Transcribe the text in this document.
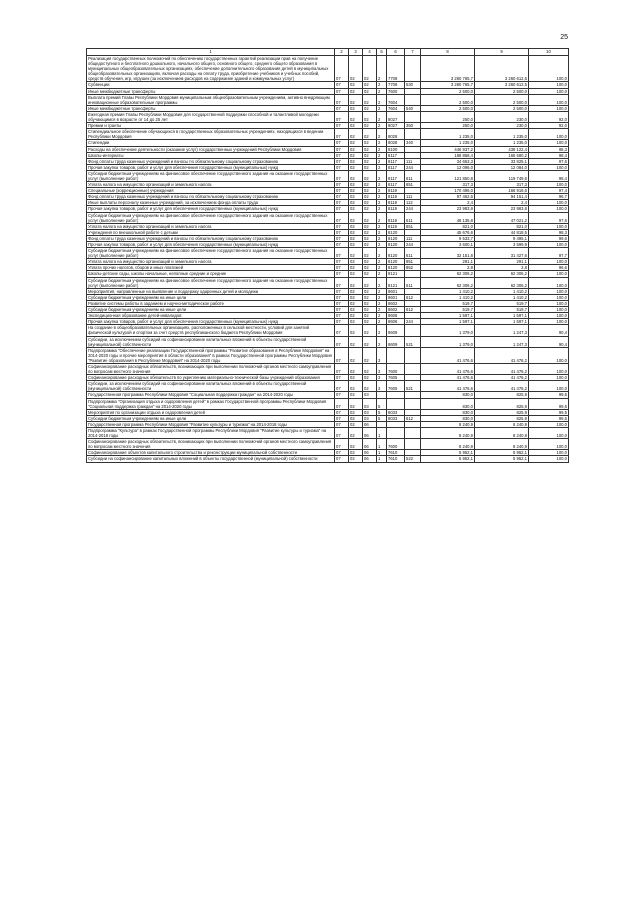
25
1	2	3	4	5	6	7	8	9	10
Реализация государственных полномочий по обеспечению государственных гарантий реализации прав на получение общедоступного и бесплатного дошкольного, начального общего, основного общего, среднего общего образования в муниципальных общеобразовательных организациях, обеспечение дополнительного образования детей в муниципальных общеобразовательных организациях, включая расходы на оплату труда, приобретение учебников и учебных пособий, средств обучения, игр, игрушек (за исключением расходов на содержание зданий и коммунальных услуг)	07	02	02	2	7708		3 260 765,7	3 260 612,5	100,0
Субвенции	07	02	02	2	7708	530	3 260 765,7	3 260 612,5	100,0
Иные межбюджетные трансферты	07	02	02	2	7600		2 500,0	2 500,0	100,0
Выплата премий Главы Республики Мордовия муниципальным общеобразовательным учреждениям, активно внедряющим инновационные образовательные программы	07	02	02	2	7604		2 500,0	2 500,0	100,0
Иные межбюджетные трансферты	07	02	02	2	7604	540	2 500,0	2 500,0	100,0
Ежегодная премия Главы Республики Мордовия для государственной поддержки способной и талантливой молодежи обучающимся в возрасте от 14 до 25 лет	07	02	02	2	8027		250,0	230,0	92,0
Премии и гранты	07	02	02	2	8027	350	250,0	230,0	92,0
Стипендиальное обеспечение обучающихся в государственных образовательных учреждениях, находящихся в ведении Республики Мордовия	07	02	02	2	8028		1 235,0	1 235,0	100,0
Стипендии	07	02	02	2	8028	340	1 235,0	1 235,0	100,0
Расходы на обеспечение деятельности (оказание услуг) государственных учреждений Республики Мордовия	07	02	02	2	8100		446 937,2	439 122,4	98,3
Школы-интернаты	07	02	02	2	8117		168 858,4	165 580,2	98,4
Фонд оплаты труда казенных учреждений и взносы по обязательному социальному страхованию	07	02	02	2	8117	111	34 653,3	33 825,1	97,6
Прочая закупка товаров, работ и услуг для обеспечения государственных (муниципальных) нужд	07	02	02	2	8117	244	12 096,0	12 084,0	100,0
Субсидии бюджетным учреждениям на финансовое обеспечение государственного задания на оказание государственных услуг (выполнение работ)	07	02	02	2	8117	611	121 850,8	119 749,6	98,4
Уплата налога на имущество организаций и земельного налога	07	02	02	2	8117	851	317,3	317,3	100,0
Специальные (коррекционные) учреждения	07	02	02	2	8119		170 496,0	166 916,6	97,4
Фонд оплаты труда казенных учреждений и взносы по обязательному социальному страхованию	07	02	02	2	8119	111	97 462,6	94 151,4	96,7
Иные выплаты персоналу казенных учреждений, за исключением фонда оплаты труда	07	02	02	2	8119	112	2,4	2,4	100,0
Прочая закупка товаров, работ и услуг для обеспечения государственных (муниципальных) нужд	07	02	02	2	8119	244	23 983,9	23 983,8	100,0
Субсидии бюджетным учреждениям на финансовое обеспечение государственного задания на оказание государственных услуг (выполнение работ)	07	02	02	2	8119	611	48 135,8	47 021,2	97,6
Уплата налога на имущество организаций и земельного налога	07	02	02	2	8119	851	821,0	821,0	100,0
Учреждения по внешкольной работе с детьми	07	02	02	2	8120		45 676,6	44 818,5	98,3
Фонд оплаты труда казенных учреждений и взносы по обязательному социальному страхованию	07	02	02	2	8120	111	9 533,7	9 495,1	99,6
Прочая закупка товаров, работ и услуг для обеспечения государственных (муниципальных) нужд	07	02	02	2	8120	244	3 600,1	3 599,9	100,0
Субсидии бюджетным учреждениям на финансовое обеспечение государственного задания на оказание государственных услуг (выполнение работ)	07	02	02	2	8120	611	32 151,8	31 427,6	97,7
Уплата налога на имущество организаций и земельного налога	07	02	02	2	8120	851	291,1	291,1	100,0
Уплата прочих налогов, сборов и иных платежей	07	02	02	2	8120	852	2,9	2,8	96,6
Школы-детские сады, школы начальные, неполные средние и средние	07	02	02	2	8121		62 306,2	62 306,2	100,0
Субсидии бюджетным учреждениям на финансовое обеспечение государственного задания на оказание государственных услуг (выполнение работ)	07	02	02	2	8121	611	62 306,2	62 306,2	100,0
Мероприятия, направленные на выявление и поддержку одаренных детей и молодежи	07	02	02	2	8601		1 410,2	1 410,2	100,0
Субсидии бюджетным учреждениям на иные цели	07	02	02	2	8601	612	1 410,2	1 410,2	100,0
Развитие системы работы в заданием и научно-методическое работе	07	02	02	2	8602		519,7	519,7	100,0
Субсидии бюджетным учреждениям на иные цели	07	02	02	2	8602	612	519,7	519,7	100,0
Экспедиционная образование детей-инвалидов	07	02	02	2	8606		1 597,1	1 597,1	100,0
Прочая закупка товаров, работ и услуг для обеспечения государственных (муниципальных) нужд	07	02	02	2	8606	244	1 597,1	1 597,1	100,0
На создание в общеобразовательных организациях, расположенных в сельской местности, условий для занятий физической культурой и спортом за счет средств республиканского бюджета Республики Мордовия	07	02	02	2	8609		1 379,0	1 247,3	90,4
Субсидии, за исключением субсидий на софинансирование капитальных вложений в объекты государственной (муниципальной) собственности	07	02	02	2	8609	521	1 379,0	1 247,3	90,4
Подпрограмма "Обеспечение реализации Государственной программы "Развитие образования в Республике Мордовия" на 2014-2020 годы и прочие мероприятия в области образования" в рамках Государственной программы Республики Мордовия "Развитие образования в Республике Мордовия" на 2014-2020 годы	07	02	02	3			41 476,6	41 476,2	100,0
Софинансирование расходных обязательств, возникающих при выполнении полномочий органов местного самоуправления по вопросам местного значения	07	02	02	3	7600		41 476,6	41 476,2	100,0
Софинансирование расходных обязательств по укреплению материально-технической базы учреждений образования	07	02	02	3	7605		41 476,6	41 476,2	100,0
Субсидии, за исключением субсидий на софинансирование капитальных вложений в объекты государственной (муниципальной) собственности	07	02	02	3	7605	521	41 476,6	41 476,2	100,0
Государственная программа Республики Мордовия "Социальная поддержка граждан" на 2014-2020 годы	07	02	03				830,0	825,9	99,5
Подпрограмма "Организация отдыха и оздоровления детей" в рамках Государственной программы Республики Мордовия "Социальная поддержка граждан" на 2014-2020 годы	07	02	03	5			830,0	825,9	99,5
Мероприятия по организации отдыха и оздоровления детей	07	02	03	5	8033		830,0	825,9	99,5
Субсидии бюджетным учреждениям на иные цели	07	02	03	5	8033	612	830,0	825,9	99,5
Государственная программа Республики Мордовия "Развитие культуры и туризма" на 2014-2018 годы	07	02	06				8 240,9	8 240,9	100,0
Подпрограмма "Культура" в рамках Государственной программы Республики Мордовия "Развитие культуры и туризма" на 2014-2018 годы	07	02	06	1			8 240,9	8 240,9	100,0
Софинансирование расходных обязательств, возникающих при выполнении полномочий органов местного самоуправления по вопросам местного значения	07	02	06	1	7600		8 240,9	8 240,9	100,0
Софинансирование объектов капитального строительства и реконструкции муниципальной собственности	07	02	06	1	7610		5 952,1	5 952,1	100,0
Субсидии на софинансирование капитальных вложений в объекты государственной (муниципальной) собственности	07	02	06	1	7610	522	5 952,1	5 952,1	100,0
